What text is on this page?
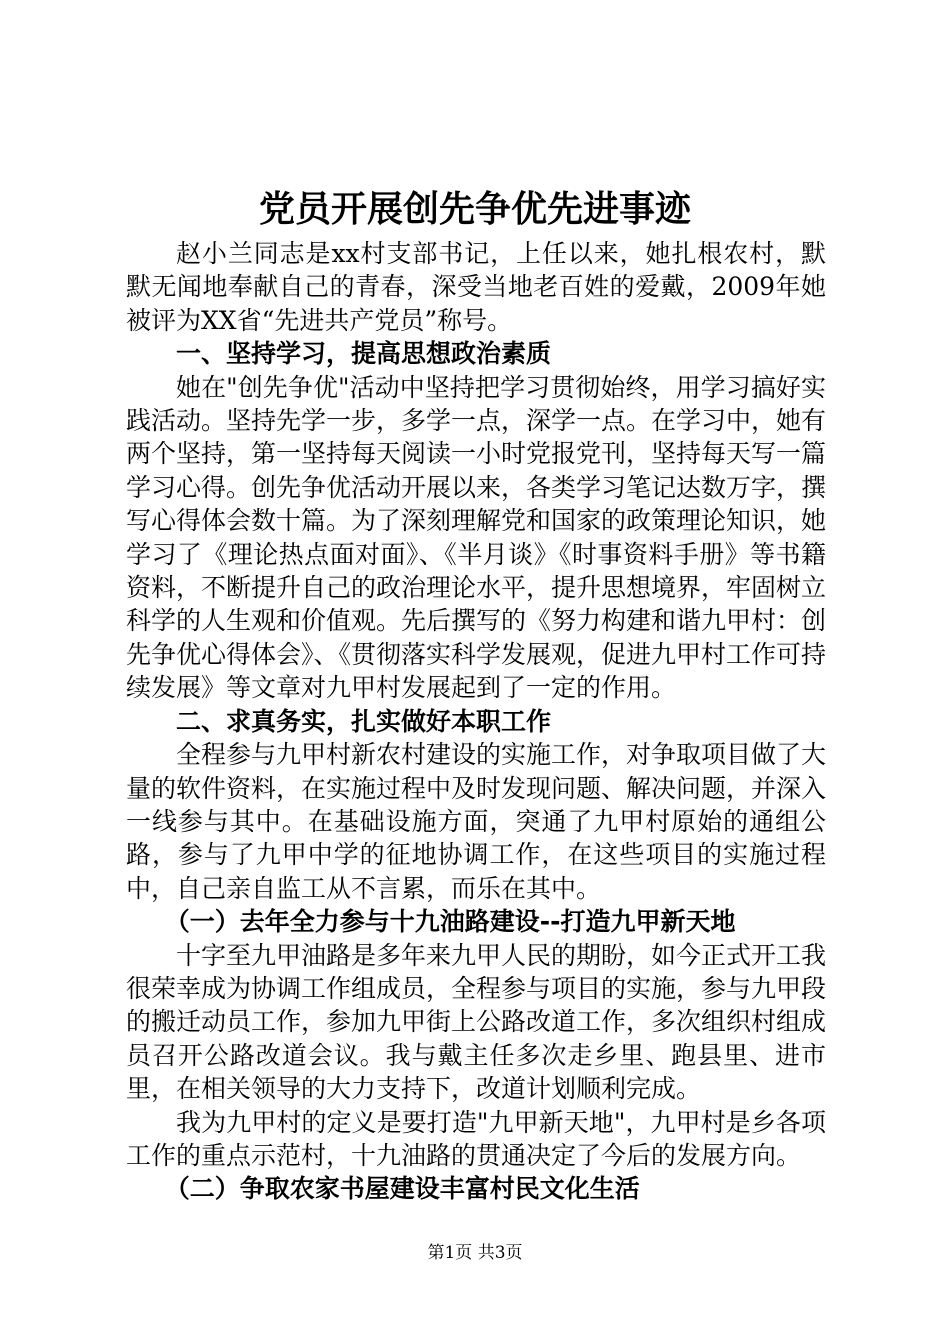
党员开展创先争优先进事迹

赵小兰同志是xx村支部书记，上任以来，她扎根农村，默默无闻地奉献自己的青春，深受当地老百姓的爱戴，2009年她被评为XX省“先进共产党员”称号。

一、坚持学习，提高思想政治素质

她在"创先争优"活动中坚持把学习贯彻始终，用学习搞好实践活动。坚持先学一步，多学一点，深学一点。在学习中，她有两个坚持，第一坚持每天阅读一小时党报党刊，坚持每天写一篇学习心得。创先争优活动开展以来，各类学习笔记达数万字，撰写心得体会数十篇。为了深刻理解党和国家的政策理论知识，她学习了《理论热点面对面》、《半月谈》《时事资料手册》等书籍资料，不断提升自己的政治理论水平，提升思想境界，牢固树立科学的人生观和价值观。先后撰写的《努力构建和谐九甲村：创先争优心得体会》、《贯彻落实科学发展观，促进九甲村工作可持续发展》等文章对九甲村发展起到了一定的作用。

二、求真务实，扎实做好本职工作

全程参与九甲村新农村建设的实施工作，对争取项目做了大量的软件资料，在实施过程中及时发现问题、解决问题，并深入一线参与其中。在基础设施方面，突通了九甲村原始的通组公路，参与了九甲中学的征地协调工作，在这些项目的实施过程中，自己亲自监工从不言累，而乐在其中。

（一）去年全力参与十九油路建设--打造九甲新天地

十字至九甲油路是多年来九甲人民的期盼，如今正式开工我很荣幸成为协调工作组成员，全程参与项目的实施，参与九甲段的搬迁动员工作，参加九甲街上公路改道工作，多次组织村组成员召开公路改道会议。我与戴主任多次走乡里、跑县里、进市里，在相关领导的大力支持下，改道计划顺利完成。

我为九甲村的定义是要打造"九甲新天地"，九甲村是乡各项工作的重点示范村，十九油路的贯通决定了今后的发展方向。

（二）争取农家书屋建设丰富村民文化生活

第1页 共3页
